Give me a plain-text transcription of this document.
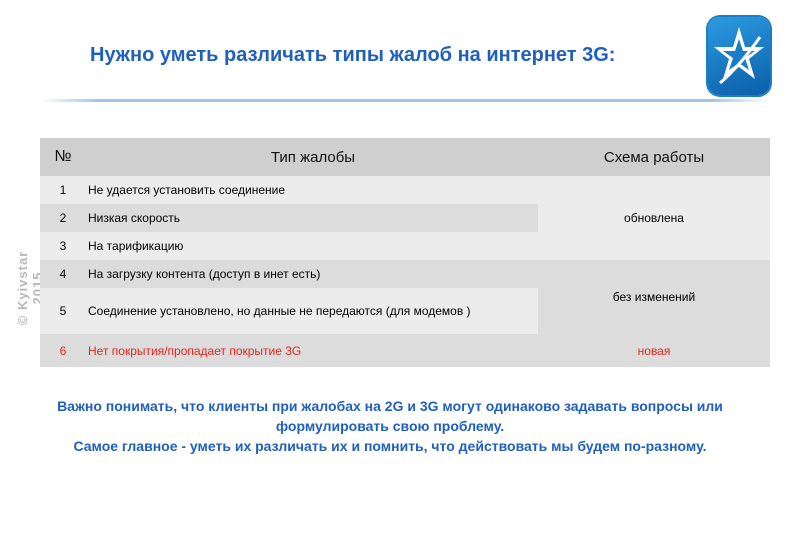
Нужно уметь различать типы жалоб на интернет 3G:
© Kyivstar 2015
№	Тип жалобы	Схема работы
1	Не удается установить соединение	обновлена
2	Низкая скорость	
3	На тарификацию	
4	На загрузку контента (доступ в инет есть)	без изменений
5	Соединение установлено, но данные не передаются (для модемов )	
6	Нет покрытия/пропадает покрытие 3G	новая
Важно понимать, что клиенты при жалобах на 2G и 3G могут одинаково задавать вопросы или формулировать свою проблему.
Самое главное - уметь их различать их и помнить, что действовать мы будем по-разному.
